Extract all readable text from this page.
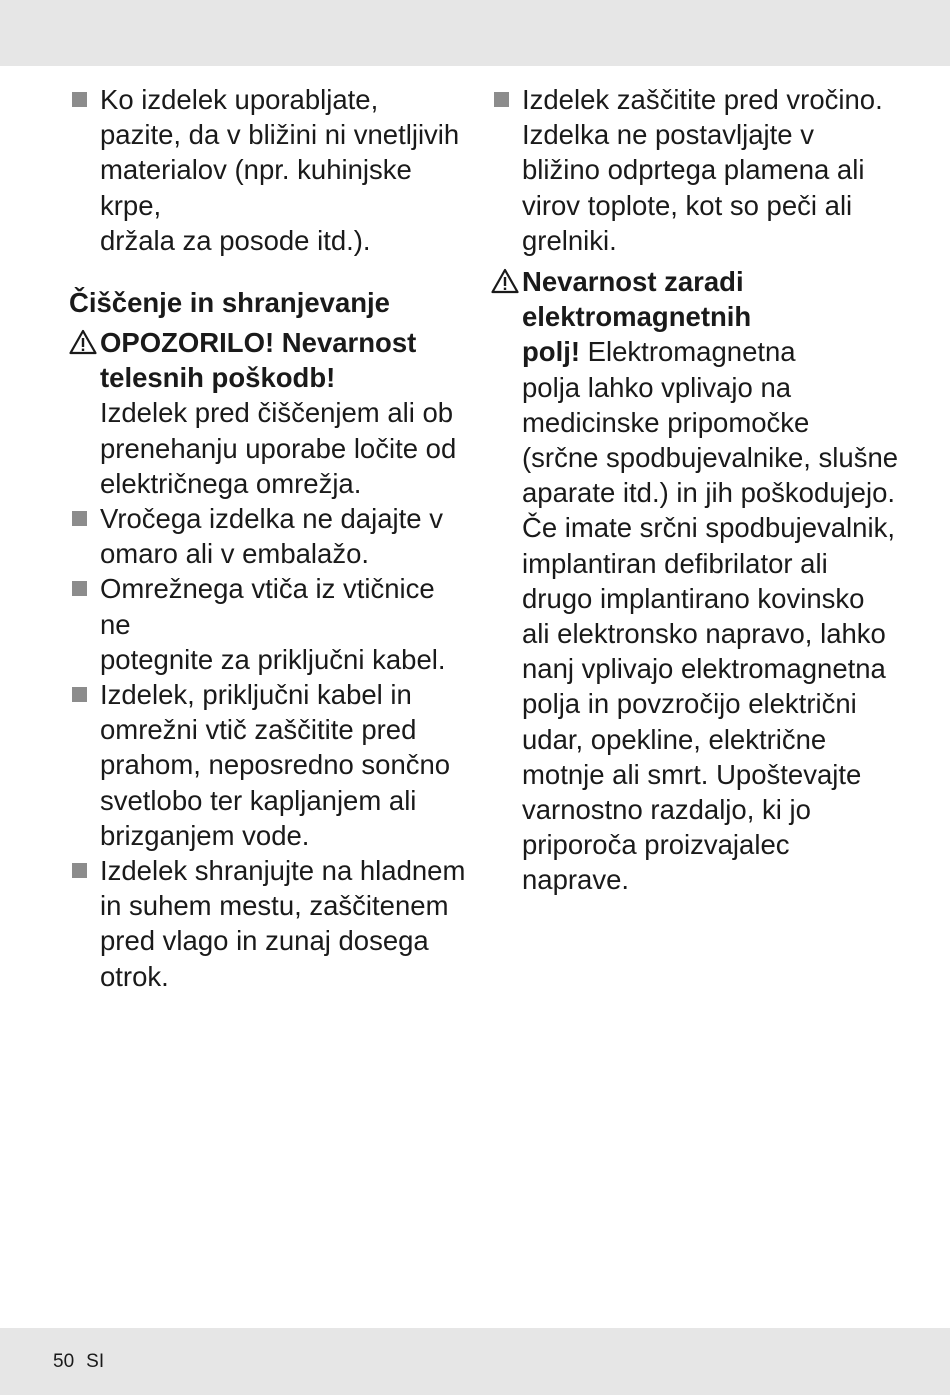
Ko izdelek uporabljate,
pazite, da v bližini ni vnetljivih
materialov (npr. kuhinjske krpe,
držala za posode itd.).
Čiščenje in shranjevanje
OPOZORILO! Nevarnost
telesnih poškodb!
Izdelek pred čiščenjem ali ob
prenehanju uporabe ločite od
električnega omrežja.
Vročega izdelka ne dajajte v
omaro ali v embalažo.
Omrežnega vtiča iz vtičnice ne
potegnite za priključni kabel.
Izdelek, priključni kabel in
omrežni vtič zaščitite pred
prahom, neposredno sončno
svetlobo ter kapljanjem ali
brizganjem vode.
Izdelek shranjujte na hladnem
in suhem mestu, zaščitenem
pred vlago in zunaj dosega
otrok.
Izdelek zaščitite pred vročino.
Izdelka ne postavljajte v
bližino odprtega plamena ali
virov toplote, kot so peči ali
grelniki.
Nevarnost zaradi
elektromagnetnih
polj! Elektromagnetna
polja lahko vplivajo na
medicinske pripomočke
(srčne spodbujevalnike, slušne
aparate itd.) in jih poškodujejo.
Če imate srčni spodbujevalnik,
implantiran defibrilator ali
drugo implantirano kovinsko
ali elektronsko napravo, lahko
nanj vplivajo elektromagnetna
polja in povzročijo električni
udar, opekline, električne
motnje ali smrt. Upoštevajte
varnostno razdaljo, ki jo
priporoča proizvajalec
naprave.
50 SI
